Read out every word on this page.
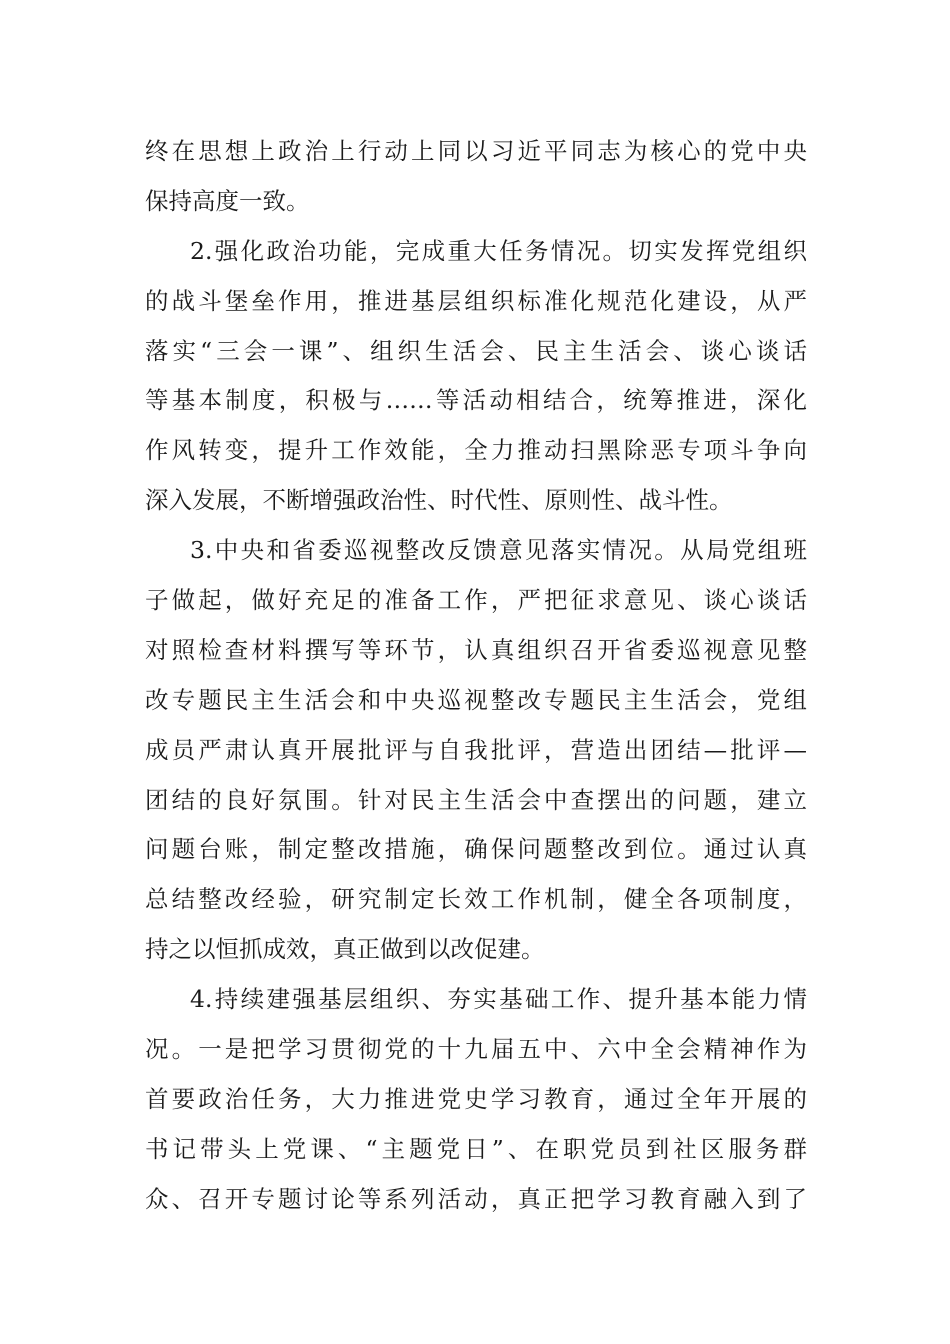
终在思想上政治上行动上同以习近平同志为核心的党中央
保持高度一致。
2.强化政治功能，完成重大任务情况。切实发挥党组织
的战斗堡垒作用，推进基层组织标准化规范化建设，从严
落实“三会一课”、组织生活会、民主生活会、谈心谈话
等基本制度，积极与……等活动相结合，统筹推进，深化
作风转变，提升工作效能，全力推动扫黑除恶专项斗争向
深入发展，不断增强政治性、时代性、原则性、战斗性。
3.中央和省委巡视整改反馈意见落实情况。从局党组班
子做起，做好充足的准备工作，严把征求意见、谈心谈话
对照检查材料撰写等环节，认真组织召开省委巡视意见整
改专题民主生活会和中央巡视整改专题民主生活会，党组
成员严肃认真开展批评与自我批评，营造出团结—批评—
团结的良好氛围。针对民主生活会中查摆出的问题，建立
问题台账，制定整改措施，确保问题整改到位。通过认真
总结整改经验，研究制定长效工作机制，健全各项制度，
持之以恒抓成效，真正做到以改促建。
4.持续建强基层组织、夯实基础工作、提升基本能力情
况。一是把学习贯彻党的十九届五中、六中全会精神作为
首要政治任务，大力推进党史学习教育，通过全年开展的
书记带头上党课、“主题党日”、在职党员到社区服务群
众、召开专题讨论等系列活动，真正把学习教育融入到了
